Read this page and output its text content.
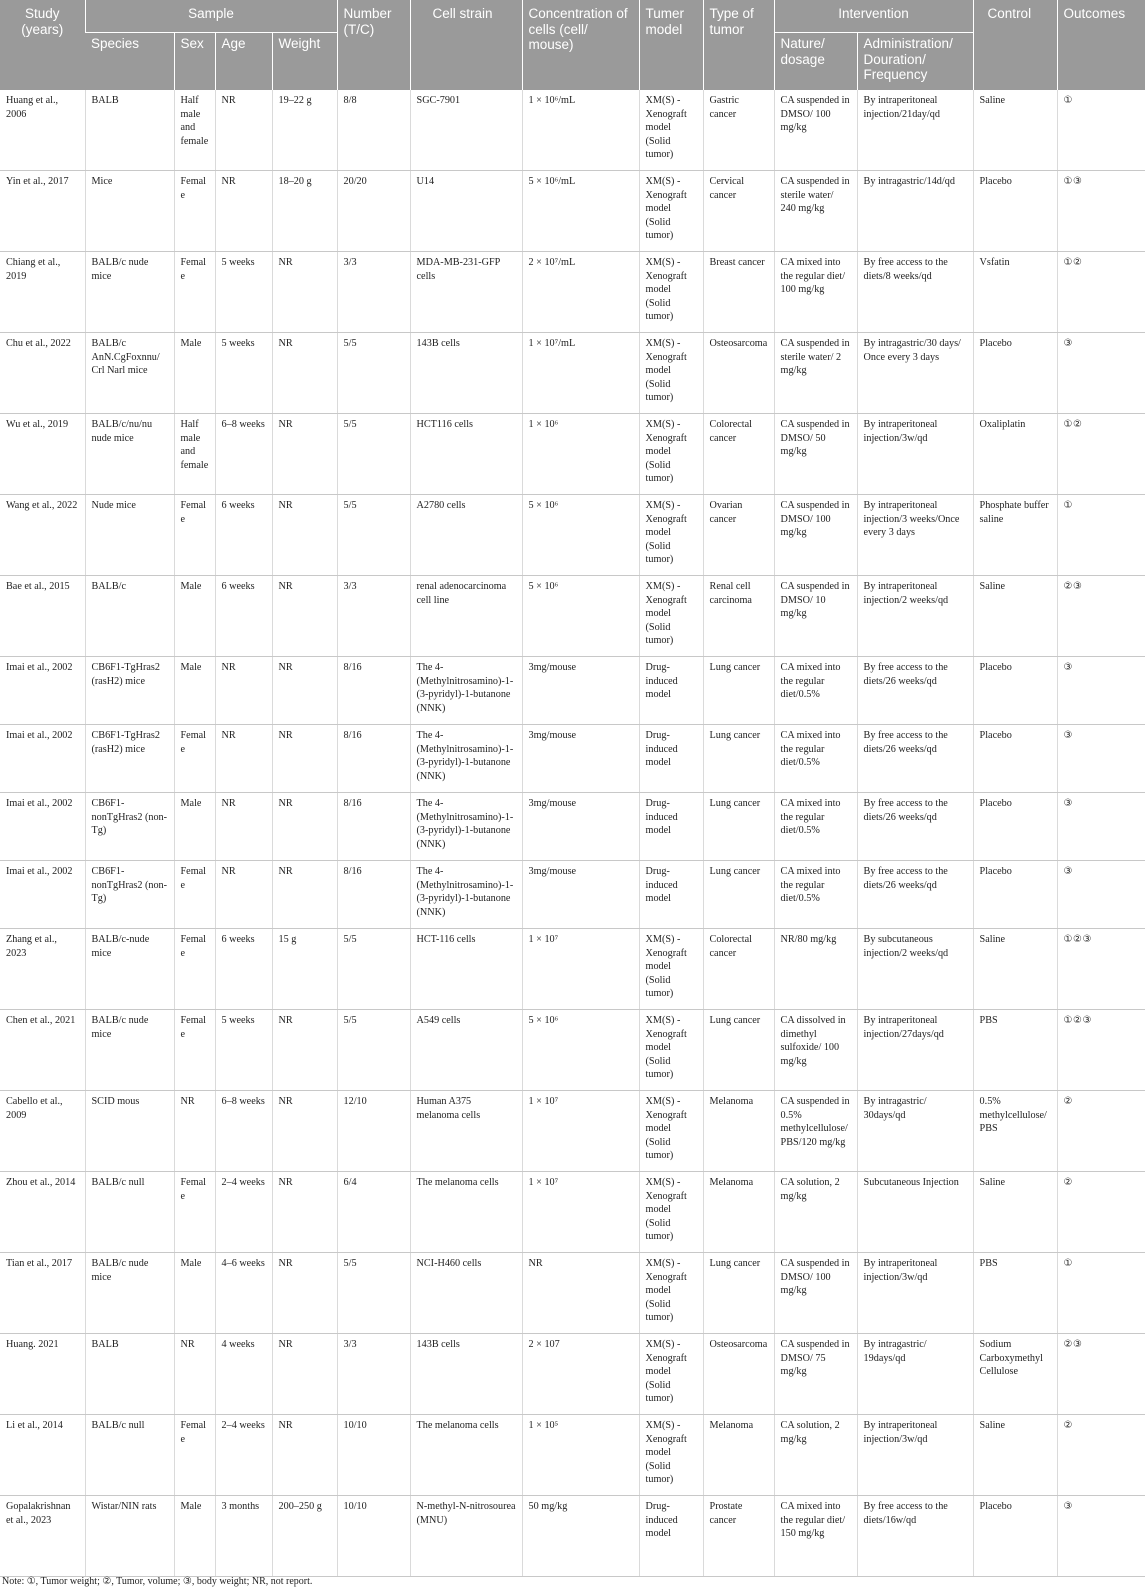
Study (years)	Sample				Number (T/C)	Cell strain	Concentration of cells (cell/ mouse)	Tumer model	Type of tumor	Intervention		Control	Outcomes
	Species	Sex	Age	Weight						Nature/ dosage	Administration/ Douration/ Frequency		
Huang et al., 2006	BALB	Half male and female	NR	19–22 g	8/8	SGC-7901	1 × 10⁶/mL	XM(S) - Xenograft model (Solid tumor)	Gastric cancer	CA suspended in DMSO/ 100 mg/kg	By intraperitoneal injection/21day/qd	Saline	①
Yin et al., 2017	Mice	Female	NR	18–20 g	20/20	U14	5 × 10⁶/mL	XM(S) - Xenograft model (Solid tumor)	Cervical cancer	CA suspended in sterile water/ 240 mg/kg	By intragastric/14d/qd	Placebo	①③
Chiang et al., 2019	BALB/c nude mice	Female	5 weeks	NR	3/3	MDA-MB-231-GFP cells	2 × 10⁷/mL	XM(S) - Xenograft model (Solid tumor)	Breast cancer	CA mixed into the regular diet/ 100 mg/kg	By free access to the diets/8 weeks/qd	Vsfatin	①②
Chu et al., 2022	BALB/c AnN.CgFoxnnu/ Crl Narl mice	Male	5 weeks	NR	5/5	143B cells	1 × 10⁷/mL	XM(S) - Xenograft model (Solid tumor)	Osteosarcoma	CA suspended in sterile water/ 2 mg/kg	By intragastric/30 days/ Once every 3 days	Placebo	③
Wu et al., 2019	BALB/c/nu/nu nude mice	Half male and female	6–8 weeks	NR	5/5	HCT116 cells	1 × 10⁶	XM(S) - Xenograft model (Solid tumor)	Colorectal cancer	CA suspended in DMSO/ 50 mg/kg	By intraperitoneal injection/3w/qd	Oxaliplatin	①②
Wang et al., 2022	Nude mice	Female	6 weeks	NR	5/5	A2780 cells	5 × 10⁶	XM(S) - Xenograft model (Solid tumor)	Ovarian cancer	CA suspended in DMSO/ 100 mg/kg	By intraperitoneal injection/3 weeks/Once every 3 days	Phosphate buffer saline	①
Bae et al., 2015	BALB/c	Male	6 weeks	NR	3/3	renal adenocarcinoma cell line	5 × 10⁶	XM(S) - Xenograft model (Solid tumor)	Renal cell carcinoma	CA suspended in DMSO/ 10 mg/kg	By intraperitoneal injection/2 weeks/qd	Saline	②③
Imai et al., 2002	CB6F1-TgHras2 (rasH2) mice	Male	NR	NR	8/16	The 4-(Methylnitrosamino)-1-(3-pyridyl)-1-butanone (NNK)	3mg/mouse	Drug-induced model	Lung cancer	CA mixed into the regular diet/0.5%	By free access to the diets/26 weeks/qd	Placebo	③
Imai et al., 2002	CB6F1-TgHras2 (rasH2) mice	Female	NR	NR	8/16	The 4-(Methylnitrosamino)-1-(3-pyridyl)-1-butanone (NNK)	3mg/mouse	Drug-induced model	Lung cancer	CA mixed into the regular diet/0.5%	By free access to the diets/26 weeks/qd	Placebo	③
Imai et al., 2002	CB6F1-nonTgHras2 (non-Tg)	Male	NR	NR	8/16	The 4-(Methylnitrosamino)-1-(3-pyridyl)-1-butanone (NNK)	3mg/mouse	Drug-induced model	Lung cancer	CA mixed into the regular diet/0.5%	By free access to the diets/26 weeks/qd	Placebo	③
Imai et al., 2002	CB6F1-nonTgHras2 (non-Tg)	Female	NR	NR	8/16	The 4-(Methylnitrosamino)-1-(3-pyridyl)-1-butanone (NNK)	3mg/mouse	Drug-induced model	Lung cancer	CA mixed into the regular diet/0.5%	By free access to the diets/26 weeks/qd	Placebo	③
Zhang et al., 2023	BALB/c-nude mice	Female	6 weeks	15 g	5/5	HCT-116 cells	1 × 10⁷	XM(S) - Xenograft model (Solid tumor)	Colorectal cancer	NR/80 mg/kg	By subcutaneous injection/2 weeks/qd	Saline	①②③
Chen et al., 2021	BALB/c nude mice	Female	5 weeks	NR	5/5	A549 cells	5 × 10⁶	XM(S) - Xenograft model (Solid tumor)	Lung cancer	CA dissolved in dimethyl sulfoxide/ 100 mg/kg	By intraperitoneal injection/27days/qd	PBS	①②③
Cabello et al., 2009	SCID mous	NR	6–8 weeks	NR	12/10	Human A375 melanoma cells	1 × 10⁷	XM(S) - Xenograft model (Solid tumor)	Melanoma	CA suspended in 0.5% methylcellulose/ PBS/120 mg/kg	By intragastric/ 30days/qd	0.5% methylcellulose/ PBS	②
Zhou et al., 2014	BALB/c null	Female	2–4 weeks	NR	6/4	The melanoma cells	1 × 10⁷	XM(S) - Xenograft model (Solid tumor)	Melanoma	CA solution, 2 mg/kg	Subcutaneous Injection	Saline	②
Tian et al., 2017	BALB/c nude mice	Male	4–6 weeks	NR	5/5	NCI-H460 cells	NR	XM(S) - Xenograft model (Solid tumor)	Lung cancer	CA suspended in DMSO/ 100 mg/kg	By intraperitoneal injection/3w/qd	PBS	①
Huang. 2021	BALB	NR	4 weeks	NR	3/3	143B cells	2 × 107	XM(S) - Xenograft model (Solid tumor)	Osteosarcoma	CA suspended in DMSO/ 75 mg/kg	By intragastric/ 19days/qd	Sodium Carboxymethyl Cellulose	②③
Li et al., 2014	BALB/c null	Female	2–4 weeks	NR	10/10	The melanoma cells	1 × 10⁵	XM(S) - Xenograft model (Solid tumor)	Melanoma	CA solution, 2 mg/kg	By intraperitoneal injection/3w/qd	Saline	②
Gopalakrishnan et al., 2023	Wistar/NIN rats	Male	3 months	200–250 g	10/10	N-methyl-N-nitrosourea (MNU)	50 mg/kg	Drug-induced model	Prostate cancer	CA mixed into the regular diet/ 150 mg/kg	By free access to the diets/16w/qd	Placebo	③
Note: ①, Tumor weight; ②, Tumor, volume; ③, body weight; NR, not report.
